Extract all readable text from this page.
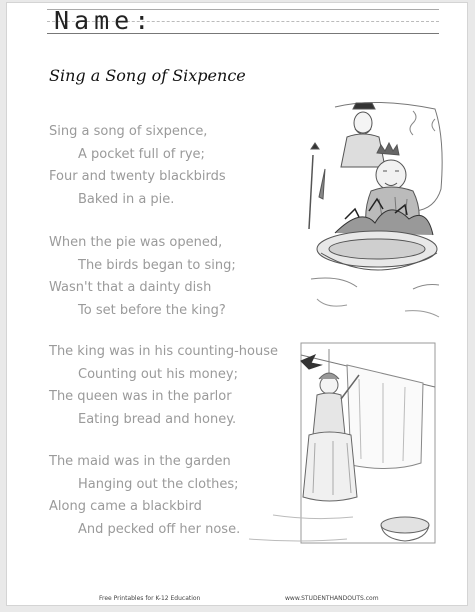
Name:
Sing a Song of Sixpence
Sing a song of sixpence,
A pocket full of rye;
Four and twenty blackbirds
Baked in a pie.
When the pie was opened,
The birds began to sing;
Wasn't that a dainty dish
To set before the king?
The king was in his counting-house
Counting out his money;
The queen was in the parlor
Eating bread and honey.
The maid was in the garden
Hanging out the clothes;
Along came a blackbird
And pecked off her nose.
Free Printables for K-12 Education	www.STUDENTHANDOUTS.com
